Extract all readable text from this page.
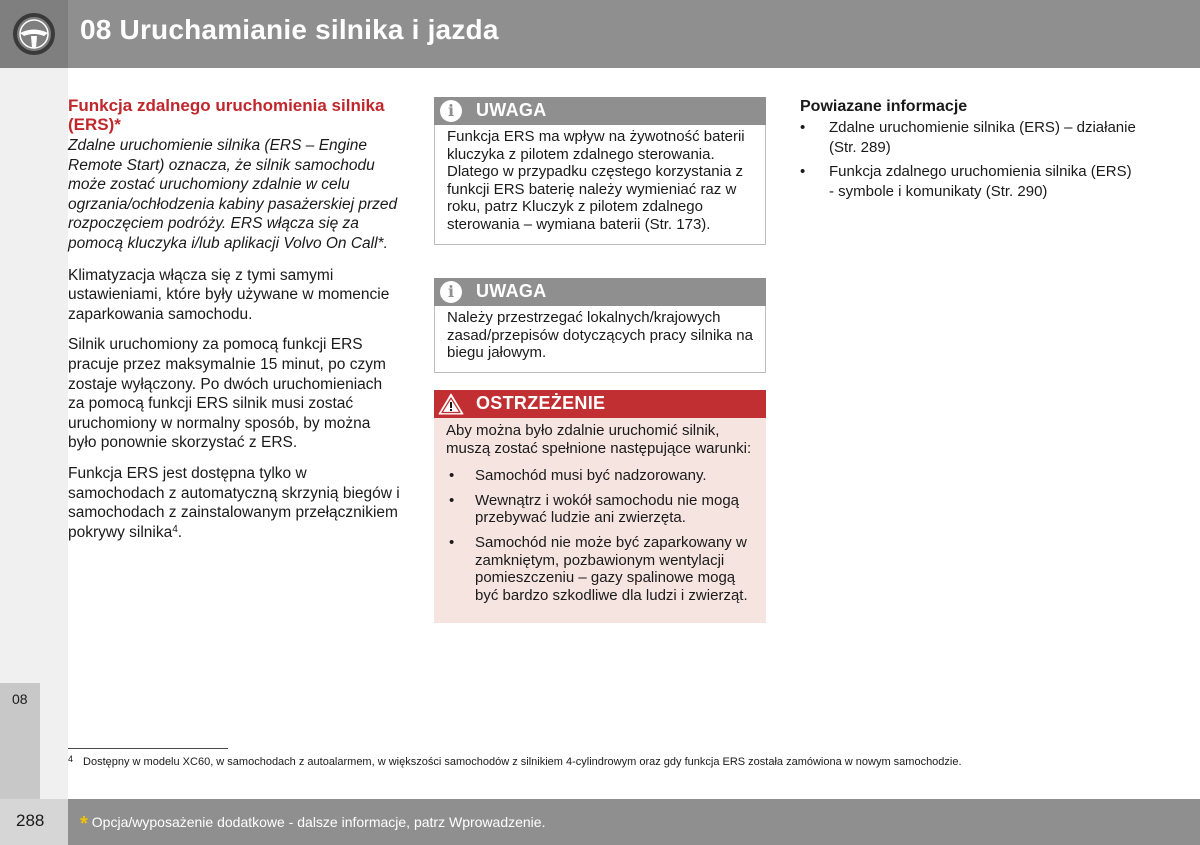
08 Uruchamianie silnika i jazda
08
Funkcja zdalnego uruchomienia silnika (ERS)*

Zdalne uruchomienie silnika (ERS – Engine Remote Start) oznacza, że silnik samochodu może zostać uruchomiony zdalnie w celu ogrzania/ochłodzenia kabiny pasażerskiej przed rozpoczęciem podróży. ERS włącza się za pomocą kluczyka i/lub aplikacji Volvo On Call*.

Klimatyzacja włącza się z tymi samymi ustawieniami, które były używane w momencie zaparkowania samochodu.

Silnik uruchomiony za pomocą funkcji ERS pracuje przez maksymalnie 15 minut, po czym zostaje wyłączony. Po dwóch uruchomieniach za pomocą funkcji ERS silnik musi zostać uruchomiony w normalny sposób, by można było ponownie skorzystać z ERS.

Funkcja ERS jest dostępna tylko w samochodach z automatyczną skrzynią biegów i samochodach z zainstalowanym przełącznikiem pokrywy silnika$^4$.

i	UWAGA
Funkcja ERS ma wpływ na żywotność baterii kluczyka z pilotem zdalnego sterowania. Dlatego w przypadku częstego korzystania z funkcji ERS baterię należy wymieniać raz w roku, patrz Kluczyk z pilotem zdalnego sterowania – wymiana baterii (Str. 173).
i	UWAGA
Należy przestrzegać lokalnych/krajowych zasad/przepisów dotyczących pracy silnika na biegu jałowym.
OSTRZEŻENIE
Aby można było zdalnie uruchomić silnik, muszą zostać spełnione następujące warunki:
• Samochód musi być nadzorowany.
• Wewnątrz i wokół samochodu nie mogą przebywać ludzie ani zwierzęta.
• Samochód nie może być zaparkowany w zamkniętym, pozbawionym wentylacji pomieszczeniu – gazy spalinowe mogą być bardzo szkodliwe dla ludzi i zwierząt.
Powiazane informacje
• Zdalne uruchomienie silnika (ERS) – działanie (Str. 289)
• Funkcja zdalnego uruchomienia silnika (ERS) - symbole i komunikaty (Str. 290)
$^4$ Dostępny w modelu XC60, w samochodach z autoalarmem, w większości samochodów z silnikiem 4-cylindrowym oraz gdy funkcja ERS została zamówiona w nowym samochodzie.
288 * Opcja/wyposażenie dodatkowe - dalsze informacje, patrz Wprowadzenie.
